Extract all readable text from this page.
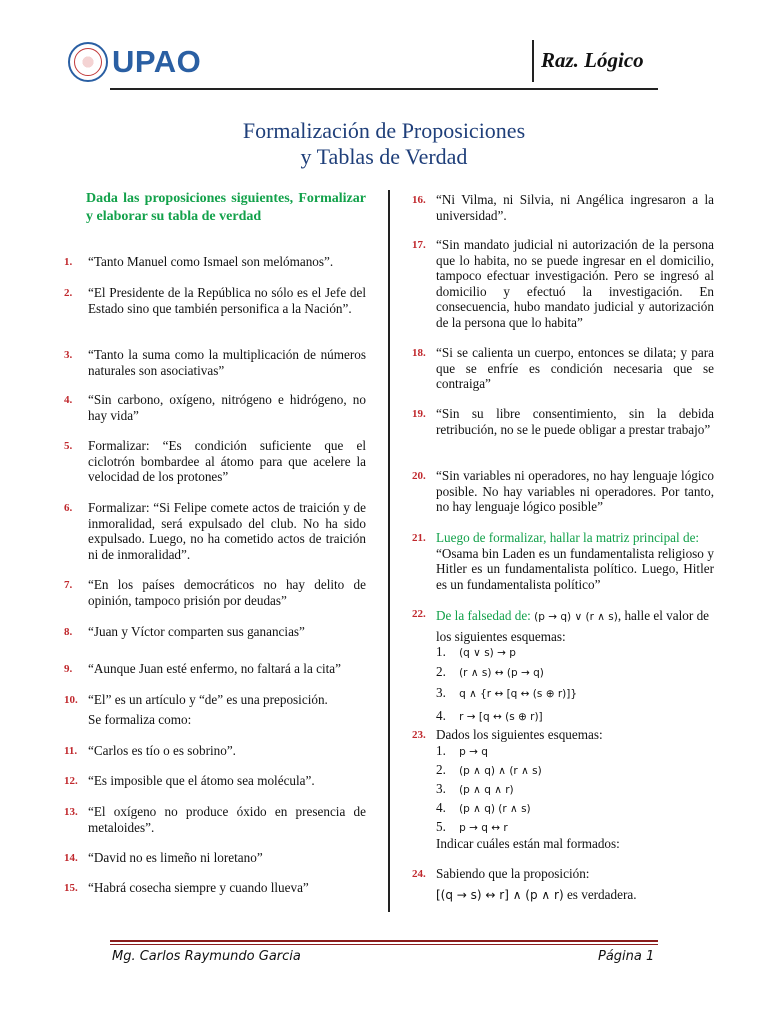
UPAO	Raz. Lógico
Formalización de Proposiciones
y Tablas de Verdad
Dada las proposiciones siguientes, Formalizar y elaborar su tabla de verdad
1. “Tanto Manuel como Ismael son melómanos”.
2. “El Presidente de la República no sólo es el Jefe del Estado sino que también personifica a la Nación”.
3. “Tanto la suma como la multiplicación de números naturales son asociativas”
4. “Sin carbono, oxígeno, nitrógeno e hidrógeno, no hay vida”
5. Formalizar: “Es condición suficiente que el ciclotrón bombardee al átomo para que acelere la velocidad de los protones”
6. Formalizar: “Si Felipe comete actos de traición y de inmoralidad, será expulsado del club. No ha sido expulsado. Luego, no ha cometido actos de traición ni de inmoralidad”.
7. “En los países democráticos no hay delito de opinión, tampoco prisión por deudas”
8. “Juan y Víctor comparten sus ganancias”
9. “Aunque Juan esté enfermo, no faltará a la cita”
10. “El” es un artículo y “de” es una preposición.
Se formaliza como:
11. “Carlos es tío o es sobrino”.
12. “Es imposible que el átomo sea molécula”.
13. “El oxígeno no produce óxido en presencia de metaloides”.
14. “David no es limeño ni loretano”
15. “Habrá cosecha siempre y cuando llueva”
16. “Ni Vilma, ni Silvia, ni Angélica ingresaron a la universidad”.
17. “Sin mandato judicial ni autorización de la persona que lo habita, no se puede ingresar en el domicilio, tampoco efectuar investigación. Pero se ingresó al domicilio y efectuó la investigación. En consecuencia, hubo mandato judicial y autorización de la persona que lo habita”
18. “Si se calienta un cuerpo, entonces se dilata; y para que se enfríe es condición necesaria que se contraiga”
19. “Sin su libre consentimiento, sin la debida retribución, no se le puede obligar a prestar trabajo”
20. “Sin variables ni operadores, no hay lenguaje lógico posible. No hay variables ni operadores. Por tanto, no hay lenguaje lógico posible”
21. Luego de formalizar, hallar la matriz principal de:
“Osama bin Laden es un fundamentalista religioso y Hitler es un fundamentalista político. Luego, Hitler es un fundamentalista político”
22. De la falsedad de: (p → q) ∨ (r ∧ s), halle el valor de los siguientes esquemas:
1. (q ∨ s) → p
2. (r ∧ s) ↔ (p → q)
3. q ∧ {r ↔ [q ↔ (s ⊕ r)]}
4. r → [q ↔ (s ⊕ r)]
23. Dados los siguientes esquemas:
1. p → q
2. (p ∧ q) ∧ (r ∧ s)
3. (p ∧ q ∧ r)
4. (p ∧ q) (r ∧ s)
5. p → q ↔ r
Indicar cuáles están mal formados:
24. Sabiendo que la proposición:
[(q → s) ↔ r] ∧ (p ∧ r) es verdadera.
Mg. Carlos Raymundo Garcia	Página 1
